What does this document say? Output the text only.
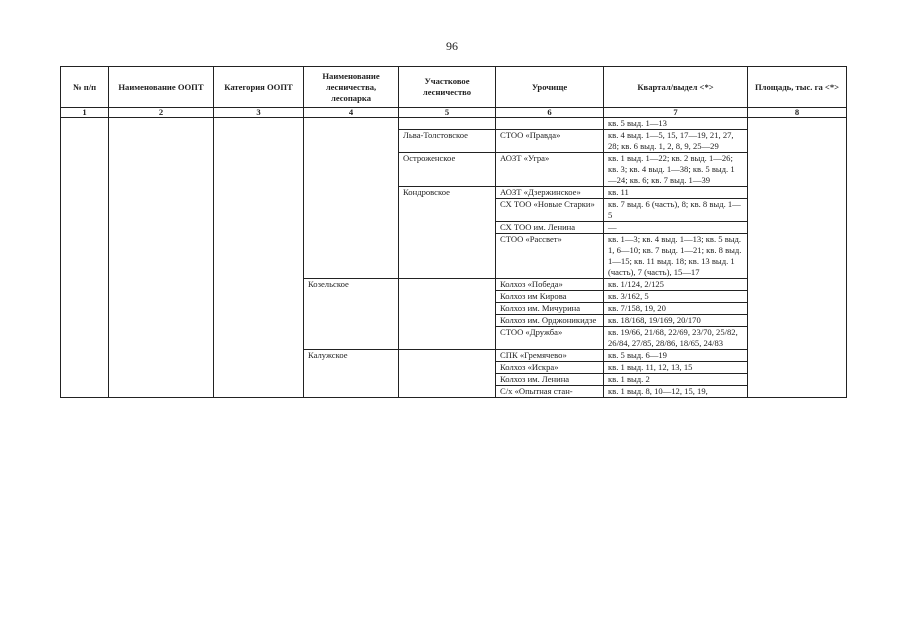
96
№ п/п	Наименование ООПТ	Категория ООПТ	Наименование лесничества, лесопарка	Участковое лесничество	Урочище	Квартал/выдел <*>	Площадь, тыс. га <*>
1	2	3	4	5	6	7	8
						кв. 5 выд. 1—13	
				Льва-Толстовское	СТОО «Правда»	кв. 4 выд. 1—5, 15, 17—19, 21, 27, 28; кв. 6 выд. 1, 2, 8, 9, 25—29	
				Остроженское	АОЗТ «Угра»	кв. 1 выд. 1—22; кв. 2 выд. 1—26; кв. 3; кв. 4 выд. 1—38; кв. 5 выд. 1—24; кв. 6; кв. 7 выд. 1—39	
				Кондровское	АОЗТ «Дзержинское»	кв. 11	
					СХ ТОО «Новые Старки»	кв. 7 выд. 6 (часть), 8; кв. 8 выд. 1—5	
					СХ ТОО им. Ленина	—	
					СТОО «Рассвет»	кв. 1—3; кв. 4 выд. 1—13; кв. 5 выд. 1, 6—10; кв. 7 выд. 1—21; кв. 8 выд. 1—15; кв. 11 выд. 18; кв. 13 выд. 1 (часть), 7 (часть), 15—17	
			Козельское		Колхоз «Победа»	кв. 1/124, 2/125	
					Колхоз им Кирова	кв. 3/162, 5	
					Колхоз им. Мичурина	кв. 7/158, 19, 20	
					Колхоз им. Орджоникидзе	кв. 18/168, 19/169, 20/170	
					СТОО «Дружба»	кв. 19/66, 21/68, 22/69, 23/70, 25/82, 26/84, 27/85, 28/86, 18/65, 24/83	
			Калужское		СПК «Гремячево»	кв. 5 выд. 6—19	
					Колхоз «Искра»	кв. 1 выд. 11, 12, 13, 15	
					Колхоз им. Ленина	кв. 1 выд. 2	
					С/х «Опытная стан-	кв. 1 выд. 8, 10—12, 15, 19,	
